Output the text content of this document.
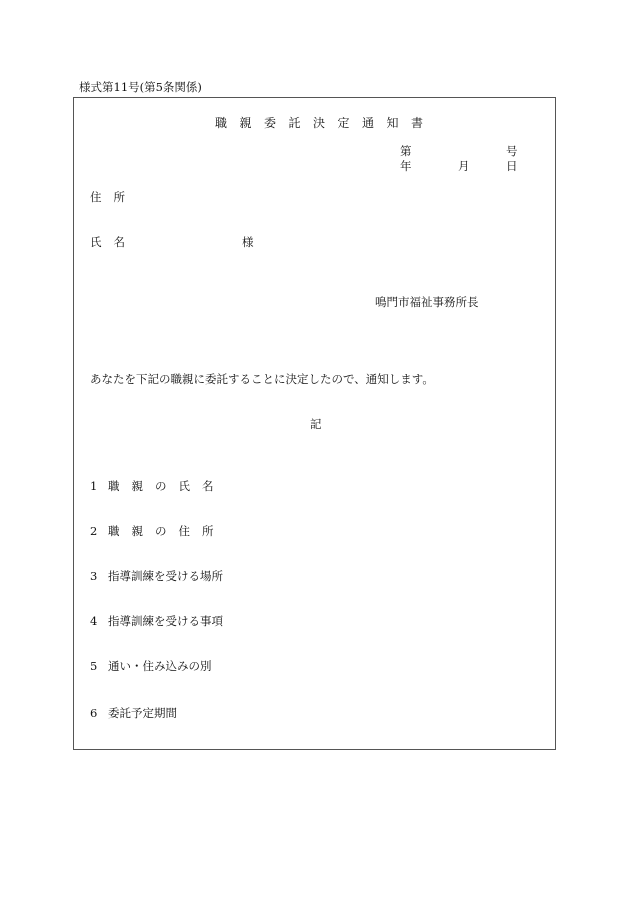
様式第11号(第5条関係)
職親委託決定通知書
第	号
年	月	日
住所
氏名	様
鳴門市福祉事務所長
あなたを下記の職親に委託することに決定したので、通知します。
記
1 職親の氏名
2 職親の住所
3 指導訓練を受ける場所
4 指導訓練を受ける事項
5 通い・住み込みの別
6 委託予定期間
